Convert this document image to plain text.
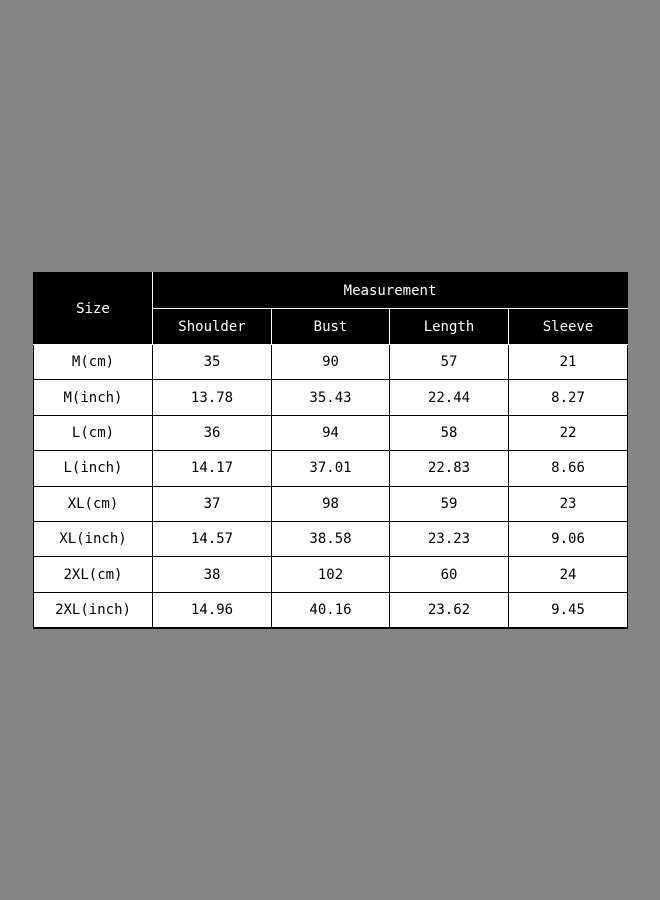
Size	Measurement			
	Shoulder	Bust	Length	Sleeve
M(cm)	35	90	57	21
M(inch)	13.78	35.43	22.44	8.27
L(cm)	36	94	58	22
L(inch)	14.17	37.01	22.83	8.66
XL(cm)	37	98	59	23
XL(inch)	14.57	38.58	23.23	9.06
2XL(cm)	38	102	60	24
2XL(inch)	14.96	40.16	23.62	9.45
